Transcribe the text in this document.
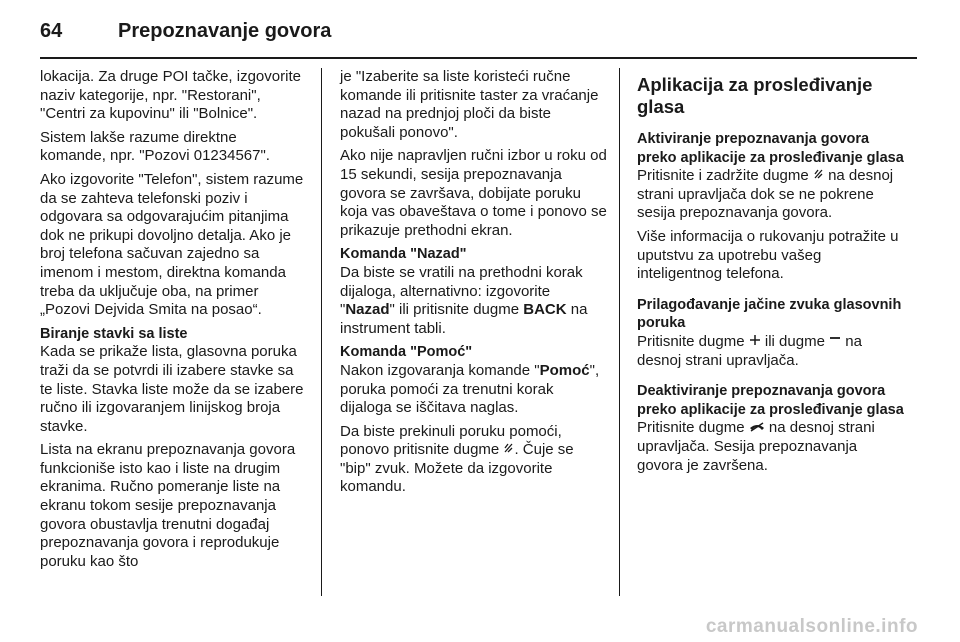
64	Prepoznavanje govora

lokacija. Za druge POI tačke, izgovorite naziv kategorije, npr. "Restorani", "Centri za kupovinu" ili "Bolnice".

Sistem lakše razume direktne komande, npr. "Pozovi 01234567".

Ako izgovorite "Telefon", sistem razume da se zahteva telefonski poziv i odgovara sa odgovarajućim pitanjima dok ne prikupi dovoljno detalja. Ako je broj telefona sačuvan zajedno sa imenom i mestom, direktna komanda treba da uključuje oba, na primer „Pozovi Dejvida Smita na posao“.

Biranje stavki sa liste

Kada se prikaže lista, glasovna poruka traži da se potvrdi ili izabere stavke sa te liste. Stavka liste može da se izabere ručno ili izgovaranjem linijskog broja stavke.

Lista na ekranu prepoznavanja govora funkcioniše isto kao i liste na drugim ekranima. Ručno pomeranje liste na ekranu tokom sesije prepoznavanja govora obustavlja trenutni događaj prepoznavanja govora i reprodukuje poruku kao što

je "Izaberite sa liste koristeći ručne komande ili pritisnite taster za vraćanje nazad na prednjoj ploči da biste pokušali ponovo".

Ako nije napravljen ručni izbor u roku od 15 sekundi, sesija prepoznavanja govora se završava, dobijate poruku koja vas obaveštava o tome i ponovo se prikazuje prethodni ekran.

Komanda "Nazad"

Da biste se vratili na prethodni korak dijaloga, alternativno: izgovorite "Nazad" ili pritisnite dugme BACK na instrument tabli.

Komanda "Pomoć"

Nakon izgovaranja komande "Pomoć", poruka pomoći za trenutni korak dijaloga se iščitava naglas.

Da biste prekinuli poruku pomoći, ponovo pritisnite dugme . Čuje se "bip" zvuk. Možete da izgovorite komandu.

Aplikacija za prosleđivanje glasa
Aktiviranje prepoznavanja govora preko aplikacije za prosleđivanje glasa

Pritisnite i zadržite dugme  na desnoj strani upravljača dok se ne pokrene sesija prepoznavanja govora.

Više informacija o rukovanju potražite u uputstvu za upotrebu vašeg inteligentnog telefona.

Prilagođavanje jačine zvuka glasovnih poruka

Pritisnite dugme  ili dugme  na desnoj strani upravljača.

Deaktiviranje prepoznavanja govora preko aplikacije za prosleđivanje glasa

Pritisnite dugme  na desnoj strani upravljača. Sesija prepoznavanja govora je završena.

carmanualsonline.info
